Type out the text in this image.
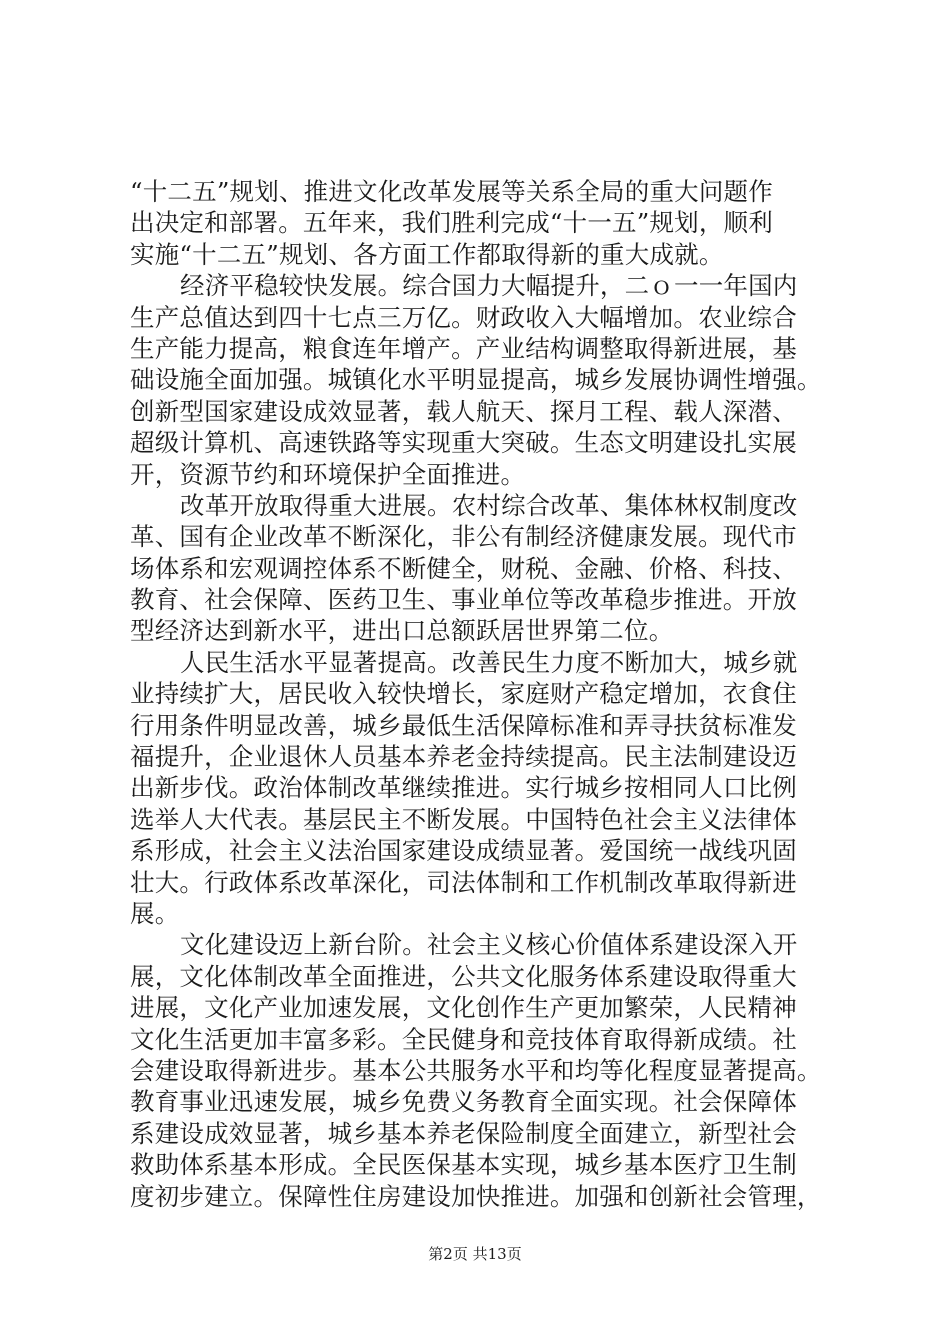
“十二五”规划、推进文化改革发展等关系全局的重大问题作
出决定和部署。五年来，我们胜利完成“十一五”规划，顺利
实施“十二五”规划、各方面工作都取得新的重大成就。
经济平稳较快发展。综合国力大幅提升，二ｏ一一年国内
生产总值达到四十七点三万亿。财政收入大幅增加。农业综合
生产能力提高，粮食连年增产。产业结构调整取得新进展，基
础设施全面加强。城镇化水平明显提高，城乡发展协调性增强。
创新型国家建设成效显著，载人航天、探月工程、载人深潜、
超级计算机、高速铁路等实现重大突破。生态文明建设扎实展
开，资源节约和环境保护全面推进。
改革开放取得重大进展。农村综合改革、集体林权制度改
革、国有企业改革不断深化，非公有制经济健康发展。现代市
场体系和宏观调控体系不断健全，财税、金融、价格、科技、
教育、社会保障、医药卫生、事业单位等改革稳步推进。开放
型经济达到新水平，进出口总额跃居世界第二位。
人民生活水平显著提高。改善民生力度不断加大，城乡就
业持续扩大，居民收入较快增长，家庭财产稳定增加，衣食住
行用条件明显改善，城乡最低生活保障标准和弄寻扶贫标准发
福提升，企业退休人员基本养老金持续提高。民主法制建设迈
出新步伐。政治体制改革继续推进。实行城乡按相同人口比例
选举人大代表。基层民主不断发展。中国特色社会主义法律体
系形成，社会主义法治国家建设成绩显著。爱国统一战线巩固
壮大。行政体系改革深化，司法体制和工作机制改革取得新进
展。
文化建设迈上新台阶。社会主义核心价值体系建设深入开
展，文化体制改革全面推进，公共文化服务体系建设取得重大
进展，文化产业加速发展，文化创作生产更加繁荣，人民精神
文化生活更加丰富多彩。全民健身和竞技体育取得新成绩。社
会建设取得新进步。基本公共服务水平和均等化程度显著提高。
教育事业迅速发展，城乡免费义务教育全面实现。社会保障体
系建设成效显著，城乡基本养老保险制度全面建立，新型社会
救助体系基本形成。全民医保基本实现，城乡基本医疗卫生制
度初步建立。保障性住房建设加快推进。加强和创新社会管理，
第2页 共13页
